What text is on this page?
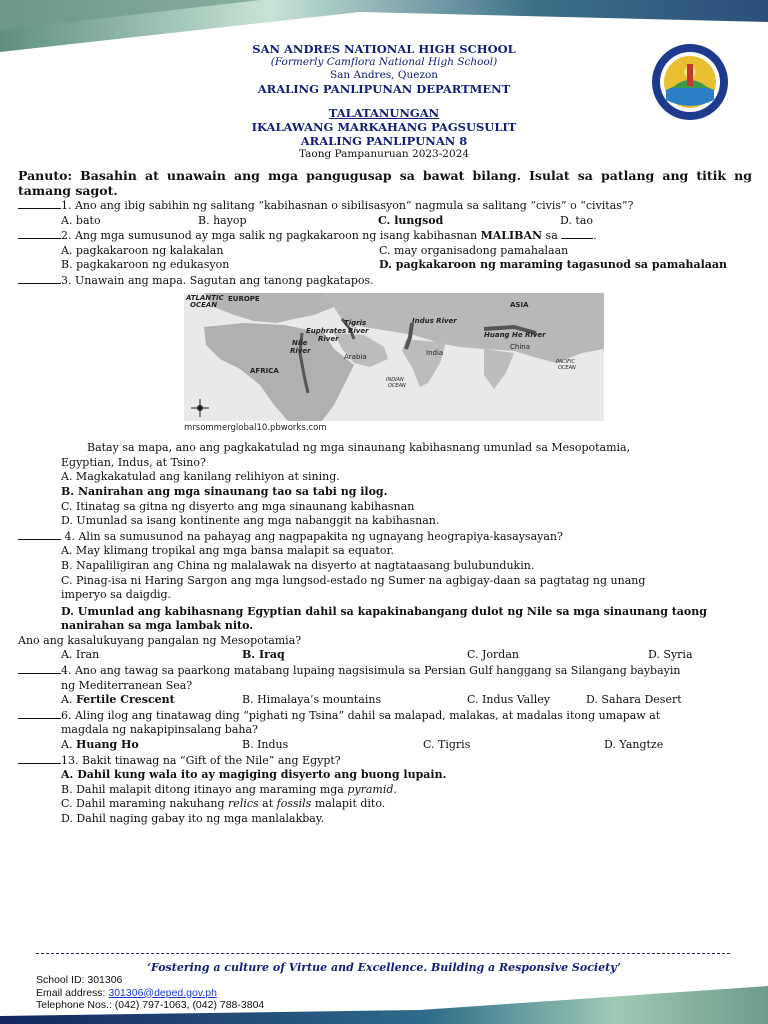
SAN ANDRES NATIONAL HIGH SCHOOL
(Formerly Camflora National High School)
San Andres, Quezon
ARALING PANLIPUNAN DEPARTMENT
TALATANUNGAN
IKALAWANG MARKAHANG PAGSUSULIT
ARALING PANLIPUNAN 8
Taong Pampanuruan 2023-2024
Panuto: Basahin at unawain ang mga pangugusap sa bawat bilang. Isulat sa patlang ang titik ng tamang sagot.
1. Ano ang ibig sabihin ng salitang “kabihasnan o sibilisasyon” nagmula sa salitang “civis” o “civitas”?
A. bato	B. hayop	C. lungsod	D. tao
2. Ang mga sumusunod ay mga salik ng pagkakaroon ng isang kabihasnan MALIBAN sa	.
A. pagkakaroon ng kalakalan	C. may organisadong pamahalaan
B. pagkakaroon ng edukasyon	D. pagkakaroon ng maraming tagasunod sa pamahalaan
3. Unawain ang mapa. Sagutan ang tanong pagkatapos.
ATLANTIC
OCEAN
EUROPE
ASIA
Tigris
River
Euphrates
River
Indus River
Huang He River
Nile
River
Arabia	India
China
AFRICA
INDIAN
OCEAN
PACIFIC
OCEAN
mrsommerglobal10.pbworks.com
Batay sa mapa, ano ang pagkakatulad ng mga sinaunang kabihasnang umunlad sa Mesopotamia,
Egyptian, Indus, at Tsino?
A. Magkakatulad ang kanilang relihiyon at sining.
B. Nanirahan ang mga sinaunang tao sa tabi ng ilog.
C. Itinatag sa gitna ng disyerto ang mga sinaunang kabihasnan
D. Umunlad sa isang kontinente ang mga nabanggit na kabihasnan.
4. Alin sa sumusunod na pahayag ang nagpapakita ng ugnayang heograpiya-kasaysayan?
A. May klimang tropikal ang mga bansa malapit sa equator.
B. Napaliligiran ang China ng malalawak na disyerto at nagtataasang bulubundukin.
C. Pinag-isa ni Haring Sargon ang mga lungsod-estado ng Sumer na agbigay-daan sa pagtatag ng unang
imperyo sa daigdig.
D. Umunlad ang kabihasnang Egyptian dahil sa kapakinabangang dulot ng Nile sa mga sinaunang taong
nanirahan sa mga lambak nito.
Ano ang kasalukuyang pangalan ng Mesopotamia?
A. Iran	B. Iraq	C. Jordan	D. Syria
4. Ano ang tawag sa paarkong matabang lupaing nagsisimula sa Persian Gulf hanggang sa Silangang baybayin
ng Mediterranean Sea?
A. Fertile Crescent	B. Himalaya’s mountains	C. Indus Valley	D. Sahara Desert
6. Aling ilog ang tinatawag ding “pighati ng Tsina” dahil sa malapad, malakas, at madalas itong umapaw at
magdala ng nakapipinsalang baha?
A. Huang Ho	B. Indus	C. Tigris	D. Yangtze
13. Bakit tinawag na “Gift of the Nile” ang Egypt?
A. Dahil kung wala ito ay magiging disyerto ang buong lupain.
B. Dahil malapit ditong itinayo ang maraming mga pyramid.
C. Dahil maraming nakuhang relics at fossils malapit dito.
D. Dahil naging gabay ito ng mga manlalakbay.
‘Fostering a culture of Virtue and Excellence. Building a Responsive Society’
School ID: 301306
Email address: 301306@deped.gov.ph
Telephone Nos.: (042) 797-1063, (042) 788-3804
